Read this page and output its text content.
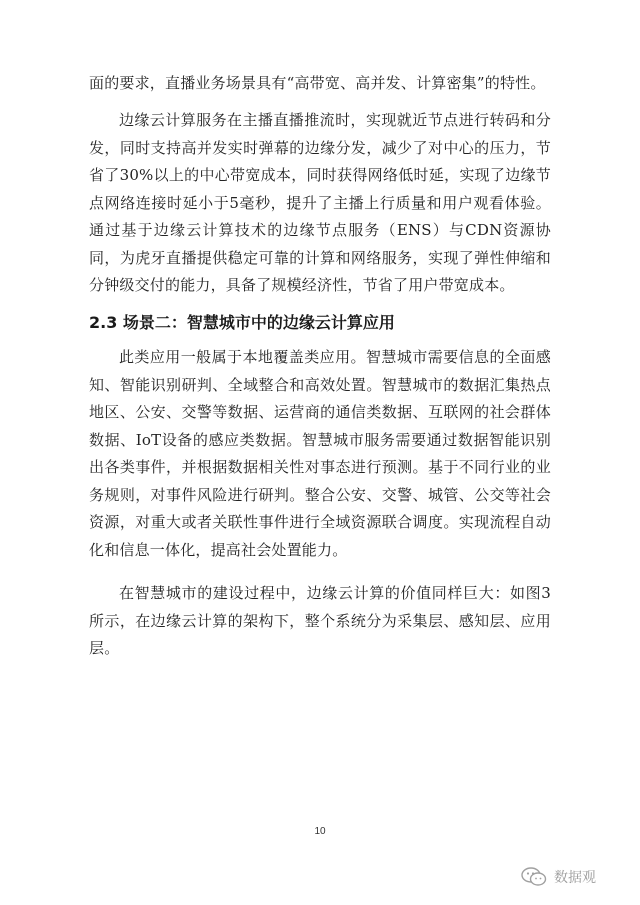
面的要求，直播业务场景具有“高带宽、高并发、计算密集”的特性。

边缘云计算服务在主播直播推流时，实现就近节点进行转码和分发，同时支持高并发实时弹幕的边缘分发，减少了对中心的压力，节省了30%以上的中心带宽成本，同时获得网络低时延，实现了边缘节点网络连接时延小于5毫秒，提升了主播上行质量和用户观看体验。通过基于边缘云计算技术的边缘节点服务（ENS）与CDN资源协同，为虎牙直播提供稳定可靠的计算和网络服务，实现了弹性伸缩和分钟级交付的能力，具备了规模经济性，节省了用户带宽成本。

2.3 场景二：智慧城市中的边缘云计算应用

此类应用一般属于本地覆盖类应用。智慧城市需要信息的全面感知、智能识别研判、全域整合和高效处置。智慧城市的数据汇集热点地区、公安、交警等数据、运营商的通信类数据、互联网的社会群体数据、IoT设备的感应类数据。智慧城市服务需要通过数据智能识别出各类事件，并根据数据相关性对事态进行预测。基于不同行业的业务规则，对事件风险进行研判。整合公安、交警、城管、公交等社会资源，对重大或者关联性事件进行全域资源联合调度。实现流程自动化和信息一体化，提高社会处置能力。

在智慧城市的建设过程中，边缘云计算的价值同样巨大：如图3所示，在边缘云计算的架构下，整个系统分为采集层、感知层、应用层。

10
数据观
